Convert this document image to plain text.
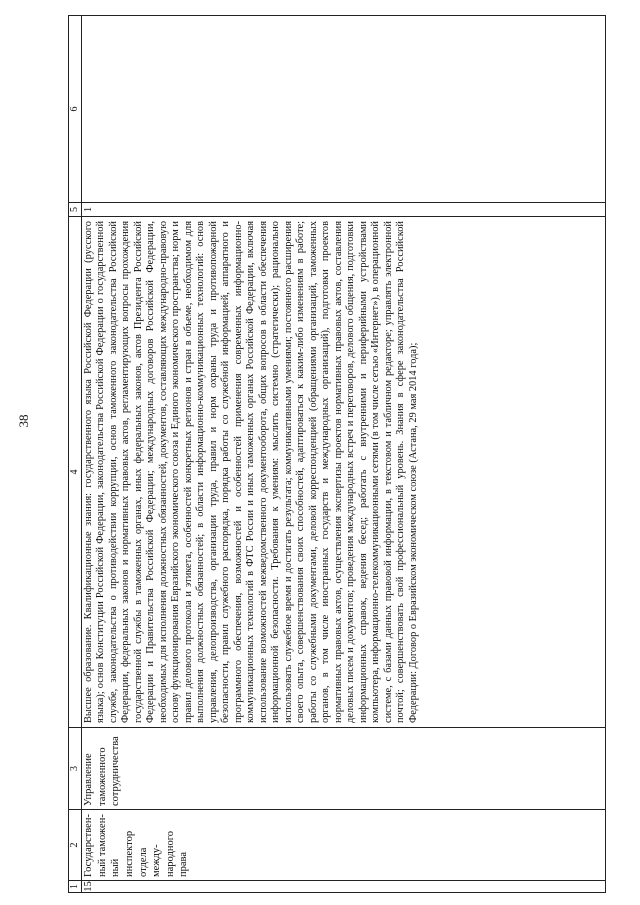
38
1	2	3	4	5	6
15	Государственный таможенный инспектор отдела международного права	Управление таможенного сотрудничества	Высшее образование. Квалификационные знания: государственного языка Российской Федерации (русского языка); основ Конституции Российской Федерации, законодательства Российской Федерации о государственной службе, законодательства о противодействии коррупции, основ таможенного законодательства Российской Федерации, федеральных законов и нормативных правовых актов, регламентирующих вопросы прохождения государственной службы в таможенных органах, иных федеральных законов, актов Президента Российской Федерации и Правительства Российской Федерации; международных договоров Российской Федерации, необходимых для исполнения должностных обязанностей, документов, составляющих международно-правовую основу функционирования Евразийского экономического союза и Единого экономического пространства; норм и правил делового протокола и этикета, особенностей конкретных регионов и стран в объеме, необходимом для выполнения должностных обязанностей; в области информационно-коммуникационных технологий: основ управления, делопроизводства, организации труда, правил и норм охраны труда и противопожарной безопасности, правил служебного распорядка, порядка работы со служебной информацией, аппаратного и программного обеспечения, возможностей и особенностей применения современных информационно-коммуникационных технологий в ФТС России и иных таможенных органах Российской Федерации, включая использование возможностей межведомственного документооборота, общих вопросов в области обеспечения информационной безопасности. Требования к умениям: мыслить системно (стратегически); рационально использовать служебное время и достигать результата; коммуникативными умениями; постоянного расширения своего опыта, совершенствования своих способностей, адаптироваться к каким-либо изменениям в работе; работы со служебными документами, деловой корреспонденцией (обращениями организаций, таможенных органов, в том числе иностранных государств и международных организаций), подготовки проектов нормативных правовых актов, осуществления экспертизы проектов нормативных правовых актов, составления деловых писем и документов; проведения международных встреч и переговоров, делового общения, подготовки информационных справок, ведения бесед; работать с внутренними и периферийными устройствами компьютера, информационно-телекоммуникационными сетями (в том числе сетью «Интернет»), в операционной системе, с базами данных правовой информации, в текстовом и табличном редакторе; управлять электронной почтой; совершенствовать свой профессиональный уровень. Знания в сфере законодательства Российской Федерации: Договор о Евразийском экономическом союзе (Астана, 29 мая 2014 года);	1	
